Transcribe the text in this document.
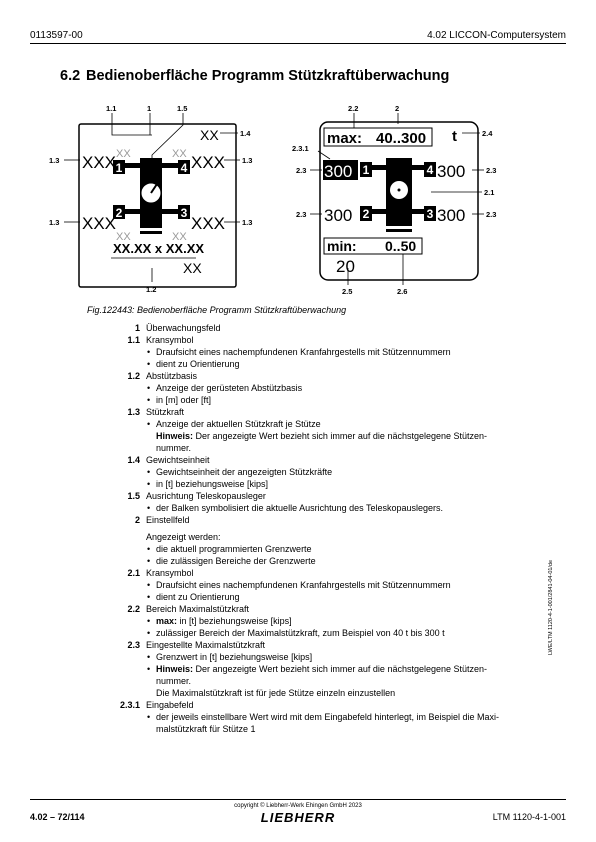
0113597-00	4.02 LICCON-Computersystem
6.2 Bedienoberfläche Programm Stützkraftüberwachung
1	4
2	3
XXX	XXX
XXX	XXX
XX	XX
XX	XX
XX
XX.XX x XX.XX
XX
1.1	1	1.5
1.4
1.3	1.3
1.3	1.3
1.2
max: 40..300 t
300 1	4 300
300 2	3 300
min: 0..50
20
2.2	2
2.4
2.3.1
2.3	2.3
2.1
2.3	2.3
2.5	2.6
Fig.122443: Bedienoberfläche Programm Stützkraftüberwachung
1 Überwachungsfeld
1.1 Kransymbol
• Draufsicht eines nachempfundenen Kranfahrgestells mit Stützennummern
• dient zu Orientierung
1.2 Abstützbasis
• Anzeige der gerüsteten Abstützbasis
• in [m] oder [ft]
1.3 Stützkraft
• Anzeige der aktuellen Stützkraft je Stütze
Hinweis: Der angezeigte Wert bezieht sich immer auf die nächstgelegene Stützen-
nummer.
1.4 Gewichtseinheit
• Gewichtseinheit der angezeigten Stützkräfte
• in [t] beziehungsweise [kips]
1.5 Ausrichtung Teleskopausleger
• der Balken symbolisiert die aktuelle Ausrichtung des Teleskopauslegers.
2 Einstellfeld
Angezeigt werden:
• die aktuell programmierten Grenzwerte
• die zulässigen Bereiche der Grenzwerte
2.1 Kransymbol
• Draufsicht eines nachempfundenen Kranfahrgestells mit Stützennummern
• dient zu Orientierung
2.2 Bereich Maximalstützkraft
• max: in [t] beziehungsweise [kips]
• zulässiger Bereich der Maximalstützkraft, zum Beispiel von 40 t bis 300 t
2.3 Eingestellte Maximalstützkraft
• Grenzwert in [t] beziehungsweise [kips]
• Hinweis: Der angezeigte Wert bezieht sich immer auf die nächstgelegene Stützen-
nummer.
Die Maximalstützkraft ist für jede Stütze einzeln einzustellen
2.3.1 Eingabefeld
• der jeweils einstellbare Wert wird mit dem Eingabefeld hinterlegt, im Beispiel die Maxi-
malstützkraft für Stütze 1
LWE/LTM 1120-4-1-001/2841-04-01/de
copyright © Liebherr-Werk Ehingen GmbH 2023
LIEBHERR
4.02 – 72/114	LTM 1120-4-1-001
